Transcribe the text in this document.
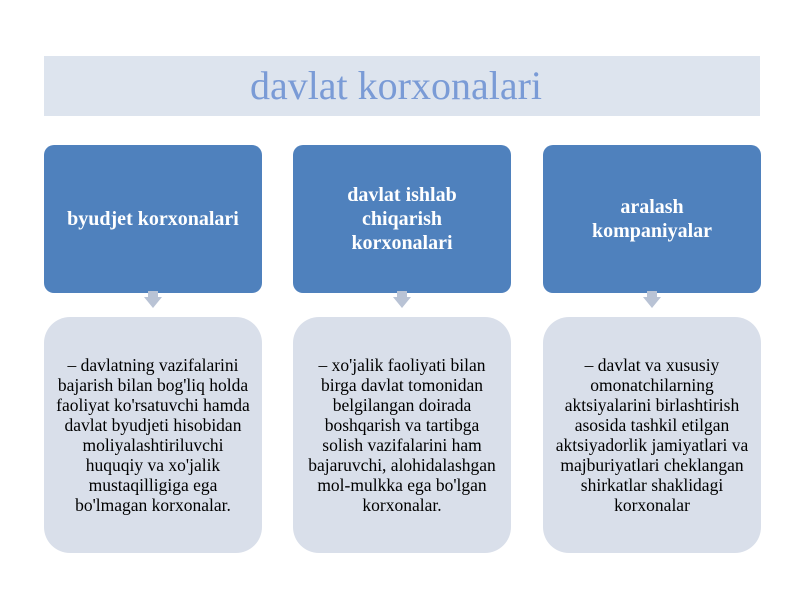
davlat korxonalari
byudjet korxonalari
– davlatning vazifalarini bajarish bilan bog'liq holda faoliyat ko'rsatuvchi hamda davlat byudjeti hisobidan moliyalashtiriluvchi huquqiy va xo'jalik mustaqilligiga ega bo'lmagan korxonalar.
davlat ishlab chiqarish korxonalari
– xo'jalik faoliyati bilan birga davlat tomonidan belgilangan doirada boshqarish va tartibga solish vazifalarini ham bajaruvchi, alohidalashgan mol-mulkka ega bo'lgan korxonalar.
aralash kompaniyalar
– davlat va xususiy omonatchilarning aktsiyalarini birlashtirish asosida tashkil etilgan aktsiyadorlik jamiyatlari va majburiyatlari cheklangan shirkatlar shaklidagi korxonalar
